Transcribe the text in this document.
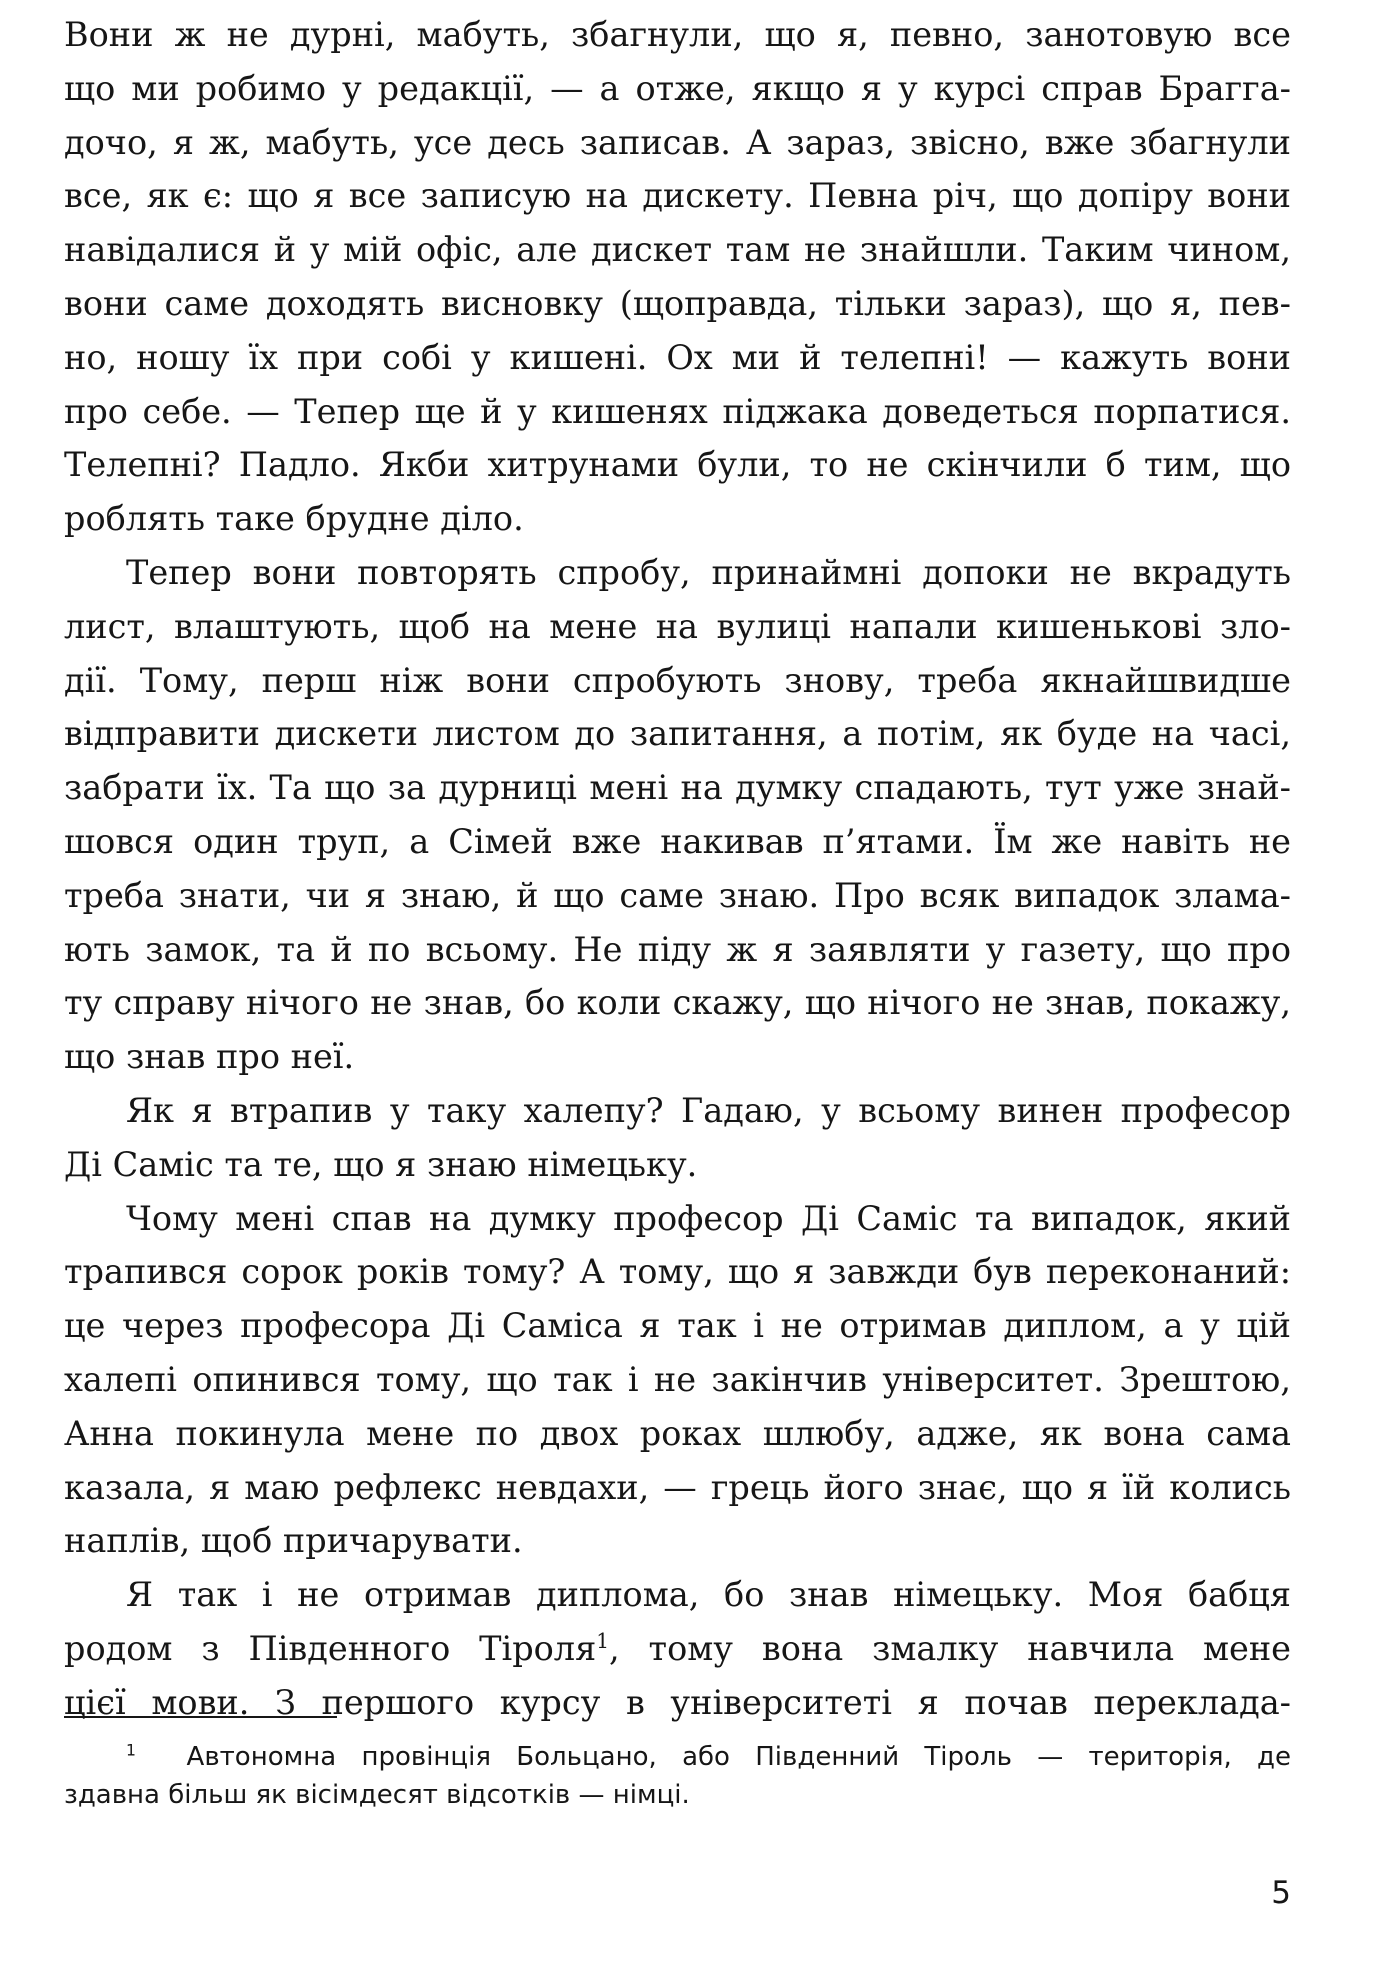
Вони ж не дурні, мабуть, збагнули, що я, певно, занотовую все
що ми робимо у редакції, — а отже, якщо я у курсі справ Брагга-
дочо, я ж, мабуть, усе десь записав. А зараз, звісно, вже збагнули
все, як є: що я все записую на дискету. Певна річ, що допіру вони
навідалися й у мій офіс, але дискет там не знайшли. Таким чином,
вони саме доходять висновку (щоправда, тільки зараз), що я, пев-
но, ношу їх при собі у кишені. Ох ми й телепні! — кажуть вони
про себе. — Тепер ще й у кишенях піджака доведеться порпатися.
Телепні? Падло. Якби хитрунами були, то не скінчили б тим, що
роблять таке брудне діло.
Тепер вони повторять спробу, принаймні допоки не вкрадуть
лист, влаштують, щоб на мене на вулиці напали кишенькові зло-
дії. Тому, перш ніж вони спробують знову, треба якнайшвидше
відправити дискети листом до запитання, а потім, як буде на часі,
забрати їх. Та що за дурниці мені на думку спадають, тут уже знай-
шовся один труп, а Сімей вже накивав п’ятами. Їм же навіть не
треба знати, чи я знаю, й що саме знаю. Про всяк випадок злама-
ють замок, та й по всьому. Не піду ж я заявляти у газету, що про
ту справу нічого не знав, бо коли скажу, що нічого не знав, покажу,
що знав про неї.
Як я втрапив у таку халепу? Гадаю, у всьому винен професор
Ді Саміс та те, що я знаю німецьку.
Чому мені спав на думку професор Ді Саміс та випадок, який
трапився сорок років тому? А тому, що я завжди був переконаний:
це через професора Ді Саміса я так і не отримав диплом, а у цій
халепі опинився тому, що так і не закінчив університет. Зрештою,
Анна покинула мене по двох роках шлюбу, адже, як вона сама
казала, я маю рефлекс невдахи, — грець його знає, що я їй колись
наплів, щоб причарувати.
Я так і не отримав диплома, бо знав німецьку. Моя бабця
родом з Південного Тіроля$^1$, тому вона змалку навчила мене
цієї мови. З першого курсу в університеті я почав переклада-
$^1$ Автономна провінція Больцано, або Південний Тіроль — територія, де
здавна більш як вісімдесят відсотків — німці.
5
